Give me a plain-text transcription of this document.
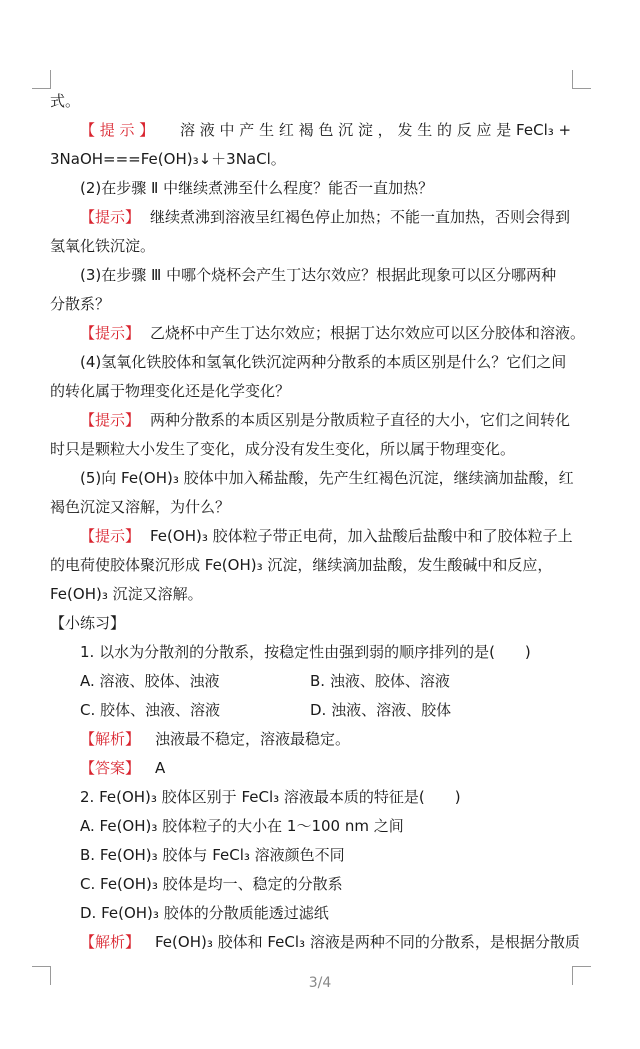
式。
【 提 示 】 溶 液 中 产 生 红 褐 色 沉 淀 ， 发 生 的 反 应 是 FeCl₃ +
3NaOH===Fe(OH)₃↓＋3NaCl。
(2)在步骤 Ⅱ 中继续煮沸至什么程度？能否一直加热？
【提示】 继续煮沸到溶液呈红褐色停止加热；不能一直加热，否则会得到
氢氧化铁沉淀。
(3)在步骤 Ⅲ 中哪个烧杯会产生丁达尔效应？根据此现象可以区分哪两种
分散系？
【提示】 乙烧杯中产生丁达尔效应；根据丁达尔效应可以区分胶体和溶液。
(4)氢氧化铁胶体和氢氧化铁沉淀两种分散系的本质区别是什么？它们之间
的转化属于物理变化还是化学变化？
【提示】 两种分散系的本质区别是分散质粒子直径的大小，它们之间转化
时只是颗粒大小发生了变化，成分没有发生变化，所以属于物理变化。
(5)向 Fe(OH)₃ 胶体中加入稀盐酸，先产生红褐色沉淀，继续滴加盐酸，红
褐色沉淀又溶解，为什么？
【提示】 Fe(OH)₃ 胶体粒子带正电荷，加入盐酸后盐酸中和了胶体粒子上
的电荷使胶体聚沉形成 Fe(OH)₃ 沉淀，继续滴加盐酸，发生酸碱中和反应，
Fe(OH)₃ 沉淀又溶解。
【小练习】
1. 以水为分散剂的分散系，按稳定性由强到弱的顺序排列的是(　　)
A. 溶液、胶体、浊液	B. 浊液、胶体、溶液
C. 胶体、浊液、溶液	D. 浊液、溶液、胶体
【解析】 浊液最不稳定，溶液最稳定。
【答案】 A
2. Fe(OH)₃ 胶体区别于 FeCl₃ 溶液最本质的特征是(　　)
A. Fe(OH)₃ 胶体粒子的大小在 1～100 nm 之间
B. Fe(OH)₃ 胶体与 FeCl₃ 溶液颜色不同
C. Fe(OH)₃ 胶体是均一、稳定的分散系
D. Fe(OH)₃ 胶体的分散质能透过滤纸
【解析】 Fe(OH)₃ 胶体和 FeCl₃ 溶液是两种不同的分散系，是根据分散质
3/4
